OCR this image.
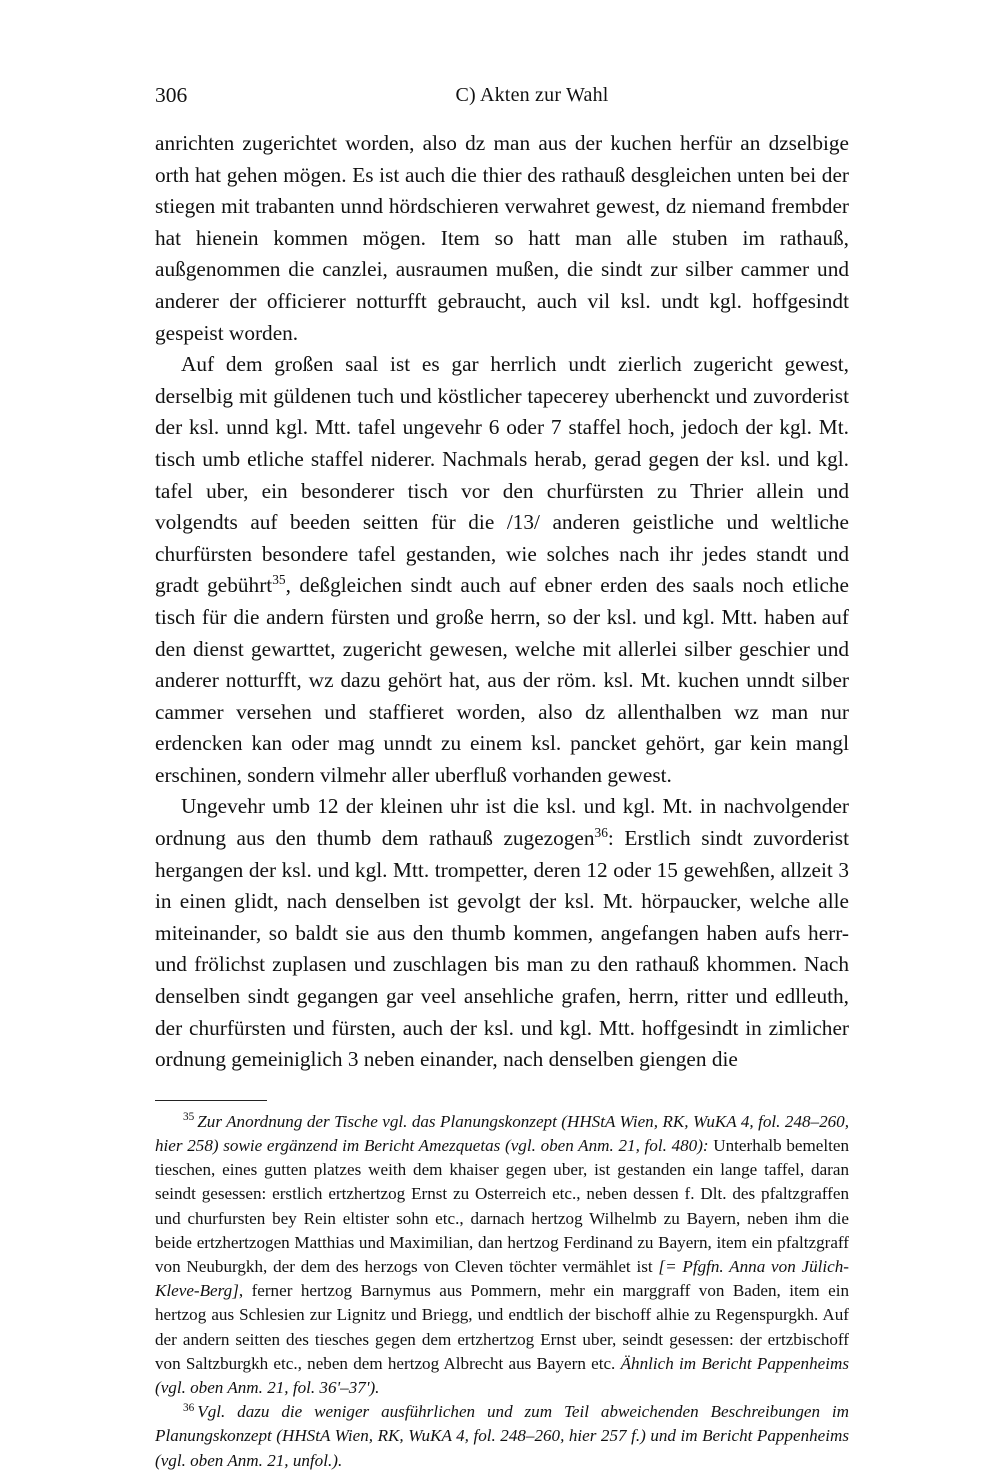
306	C) Akten zur Wahl

anrichten zugerichtet worden, also dz man aus der kuchen herfür an dzselbige orth hat gehen mögen. Es ist auch die thier des rathauß desgleichen unten bei der stiegen mit trabanten unnd hördschieren verwahret gewest, dz niemand frembder hat hienein kommen mögen. Item so hatt man alle stuben im rathauß, außgenommen die canzlei, ausraumen mußen, die sindt zur silber cammer und anderer der officierer notturfft gebraucht, auch vil ksl. undt kgl. hoffgesindt gespeist worden.

Auf dem großen saal ist es gar herrlich undt zierlich zugericht gewest, derselbig mit güldenen tuch und köstlicher tapecerey uberhenckt und zuvorderist der ksl. unnd kgl. Mtt. tafel ungevehr 6 oder 7 staffel hoch, jedoch der kgl. Mt. tisch umb etliche staffel niderer. Nachmals herab, gerad gegen der ksl. und kgl. tafel uber, ein besonderer tisch vor den churfürsten zu Thrier allein und volgendts auf beeden seitten für die /13/ anderen geistliche und weltliche churfürsten besondere tafel gestanden, wie solches nach ihr jedes standt und gradt gebührt$^{35}$, deßgleichen sindt auch auf ebner erden des saals noch etliche tisch für die andern fürsten und große herrn, so der ksl. und kgl. Mtt. haben auf den dienst gewarttet, zugericht gewesen, welche mit allerlei silber geschier und anderer notturfft, wz dazu gehört hat, aus der röm. ksl. Mt. kuchen unndt silber cammer versehen und staffieret worden, also dz allenthalben wz man nur erdencken kan oder mag unndt zu einem ksl. pancket gehört, gar kein mangl erschinen, sondern vilmehr aller uberfluß vorhanden gewest.

Ungevehr umb 12 der kleinen uhr ist die ksl. und kgl. Mt. in nachvolgender ordnung aus den thumb dem rathauß zugezogen$^{36}$: Erstlich sindt zuvorderist hergangen der ksl. und kgl. Mtt. trompetter, deren 12 oder 15 gewehßen, allzeit 3 in einen glidt, nach denselben ist gevolgt der ksl. Mt. hörpaucker, welche alle miteinander, so baldt sie aus den thumb kommen, angefangen haben aufs herr- und frölichst zuplasen und zuschlagen bis man zu den rathauß khommen. Nach denselben sindt gegangen gar veel ansehliche grafen, herrn, ritter und edlleuth, der churfürsten und fürsten, auch der ksl. und kgl. Mtt. hoffgesindt in zimlicher ordnung gemeiniglich 3 neben einander, nach denselben giengen die

$^{35}$ Zur Anordnung der Tische vgl. das Planungskonzept (HHStA Wien, RK, WuKA 4, fol. 248–260, hier 258) sowie ergänzend im Bericht Amezquetas (vgl. oben Anm. 21, fol. 480): Unterhalb bemelten tieschen, eines gutten platzes weith dem khaiser gegen uber, ist gestanden ein lange taffel, daran seindt gesessen: erstlich ertzhertzog Ernst zu Osterreich etc., neben dessen f. Dlt. des pfaltzgraffen und churfursten bey Rein eltister sohn etc., darnach hertzog Wilhelmb zu Bayern, neben ihm die beide ertzhertzogen Matthias und Maximilian, dan hertzog Ferdinand zu Bayern, item ein pfaltzgraff von Neuburgkh, der dem des herzogs von Cleven töchter vermählet ist [= Pfgfn. Anna von Jülich-Kleve-Berg], ferner hertzog Barnymus aus Pommern, mehr ein marggraff von Baden, item ein hertzog aus Schlesien zur Lignitz und Briegg, und endtlich der bischoff alhie zu Regenspurgkh. Auf der andern seitten des tiesches gegen dem ertzhertzog Ernst uber, seindt gesessen: der ertzbischoff von Saltzburgkh etc., neben dem hertzog Albrecht aus Bayern etc. Ähnlich im Bericht Pappenheims (vgl. oben Anm. 21, fol. 36'–37').

$^{36}$ Vgl. dazu die weniger ausführlichen und zum Teil abweichenden Beschreibungen im Planungskonzept (HHStA Wien, RK, WuKA 4, fol. 248–260, hier 257 f.) und im Bericht Pappenheims (vgl. oben Anm. 21, unfol.).
